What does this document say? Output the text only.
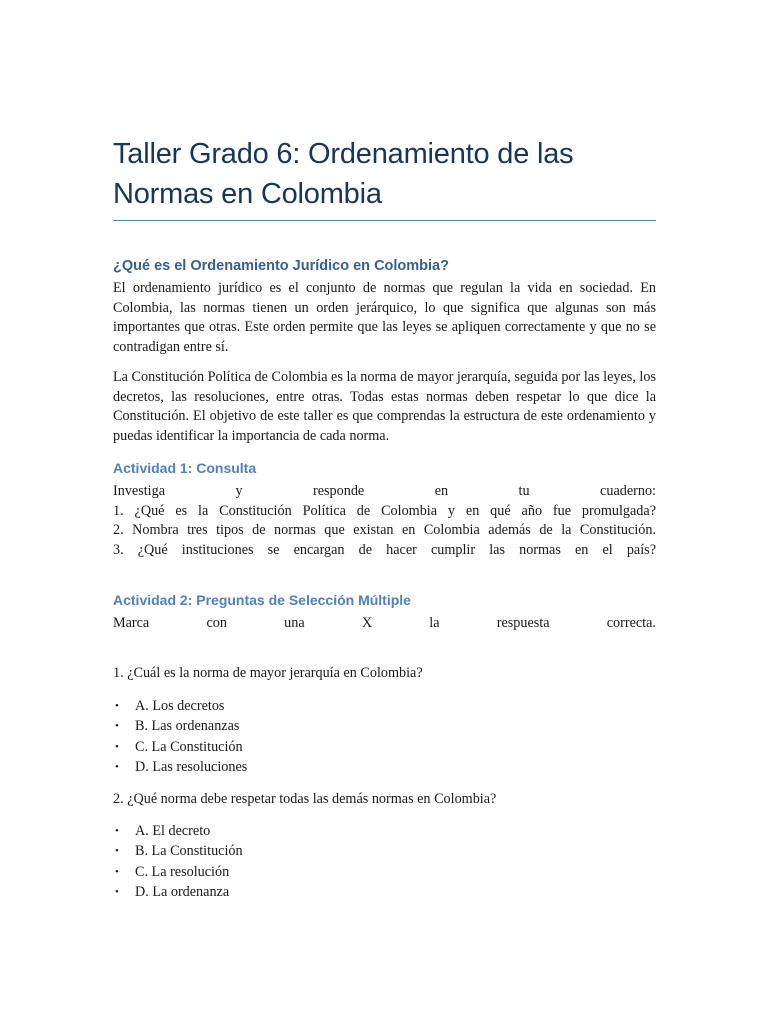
Taller Grado 6: Ordenamiento de las Normas en Colombia
¿Qué es el Ordenamiento Jurídico en Colombia?

El ordenamiento jurídico es el conjunto de normas que regulan la vida en sociedad. En Colombia, las normas tienen un orden jerárquico, lo que significa que algunas son más importantes que otras. Este orden permite que las leyes se apliquen correctamente y que no se contradigan entre sí.

La Constitución Política de Colombia es la norma de mayor jerarquía, seguida por las leyes, los decretos, las resoluciones, entre otras. Todas estas normas deben respetar lo que dice la Constitución. El objetivo de este taller es que comprendas la estructura de este ordenamiento y puedas identificar la importancia de cada norma.

Actividad 1: Consulta
Investiga	y	responde	en	tu	cuaderno:

1. ¿Qué es la Constitución Política de Colombia y en qué año fue promulgada?

2. Nombra tres tipos de normas que existan en Colombia además de la Constitución.

3. ¿Qué instituciones se encargan de hacer cumplir las normas en el país?

Actividad 2: Preguntas de Selección Múltiple
Marca	con	una	X	la	respuesta	correcta.

1. ¿Cuál es la norma de mayor jerarquía en Colombia?

• A. Los decretos
• B. Las ordenanzas
• C. La Constitución
• D. Las resoluciones

2. ¿Qué norma debe respetar todas las demás normas en Colombia?

• A. El decreto
• B. La Constitución
• C. La resolución
• D. La ordenanza
